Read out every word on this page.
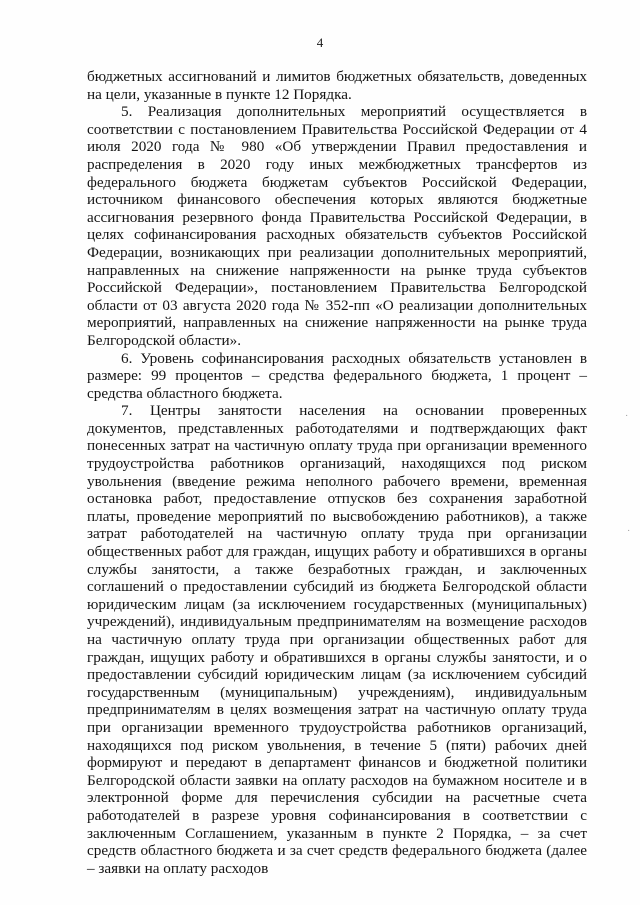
4

бюджетных ассигнований и лимитов бюджетных обязательств, доведенных на цели, указанные в пункте 12 Порядка.

5. Реализация дополнительных мероприятий осуществляется в соответствии с постановлением Правительства Российской Федерации от 4 июля 2020 года № 980 «Об утверждении Правил предоставления и распределения в 2020 году иных межбюджетных трансфертов из федерального бюджета бюджетам субъектов Российской Федерации, источником финансового обеспечения которых являются бюджетные ассигнования резервного фонда Правительства Российской Федерации, в целях софинансирования расходных обязательств субъектов Российской Федерации, возникающих при реализации дополнительных мероприятий, направленных на снижение напряженности на рынке труда субъектов Российской Федерации», постановлением Правительства Белгородской области от 03 августа 2020 года № 352-пп «О реализации дополнительных мероприятий, направленных на снижение напряженности на рынке труда Белгородской области».

6. Уровень софинансирования расходных обязательств установлен в размере: 99 процентов – средства федерального бюджета, 1 процент – средства областного бюджета.

7. Центры занятости населения на основании проверенных документов, представленных работодателями и подтверждающих факт понесенных затрат на частичную оплату труда при организации временного трудоустройства работников организаций, находящихся под риском увольнения (введение режима неполного рабочего времени, временная остановка работ, предоставление отпусков без сохранения заработной платы, проведение мероприятий по высвобождению работников), а также затрат работодателей на частичную оплату труда при организации общественных работ для граждан, ищущих работу и обратившихся в органы службы занятости, а также безработных граждан, и заключенных соглашений о предоставлении субсидий из бюджета Белгородской области юридическим лицам (за исключением государственных (муниципальных) учреждений), индивидуальным предпринимателям на возмещение расходов на частичную оплату труда при организации общественных работ для граждан, ищущих работу и обратившихся в органы службы занятости, и о предоставлении субсидий юридическим лицам (за исключением субсидий государственным (муниципальным) учреждениям), индивидуальным предпринимателям в целях возмещения затрат на частичную оплату труда при организации временного трудоустройства работников организаций, находящихся под риском увольнения, в течение 5 (пяти) рабочих дней формируют и передают в департамент финансов и бюджетной политики Белгородской области заявки на оплату расходов на бумажном носителе и в электронной форме для перечисления субсидии на расчетные счета работодателей в разрезе уровня софинансирования в соответствии с заключенным Соглашением, указанным в пункте 2 Порядка, – за счет средств областного бюджета и за счет средств федерального бюджета (далее – заявки на оплату расходов

·
·
